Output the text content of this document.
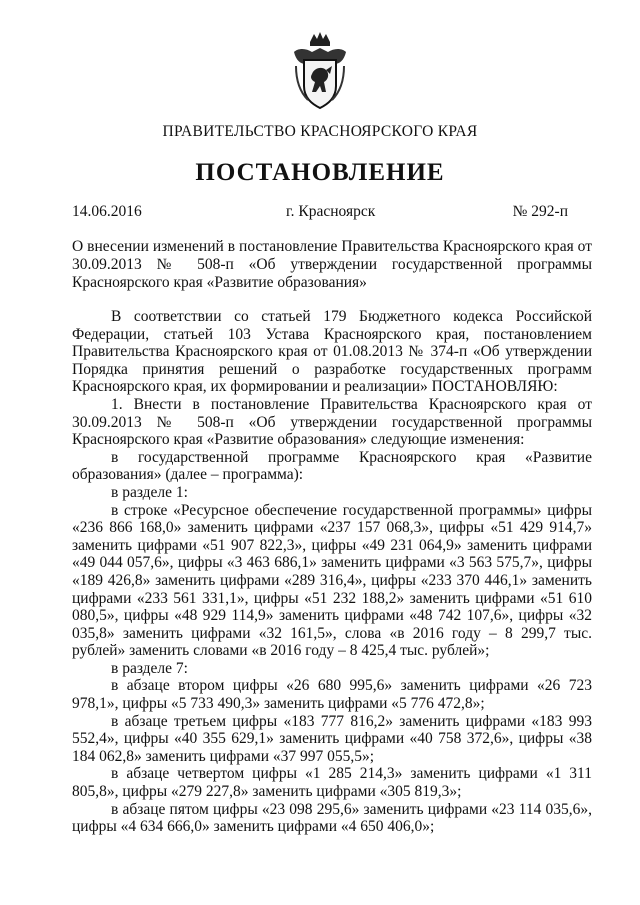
ПРАВИТЕЛЬСТВО КРАСНОЯРСКОГО КРАЯ
ПОСТАНОВЛЕНИЕ
14.06.2016	г. Красноярск	№ 292-п
О внесении изменений в постановление Правительства Красноярского края от 30.09.2013 № 508-п «Об утверждении государственной программы Красноярского края «Развитие образования»

В соответствии со статьей 179 Бюджетного кодекса Российской Федерации, статьей 103 Устава Красноярского края, постановлением Правительства Красноярского края от 01.08.2013 № 374-п «Об утверждении Порядка принятия решений о разработке государственных программ Красноярского края, их формировании и реализации» ПОСТАНОВЛЯЮ:

1. Внести в постановление Правительства Красноярского края от 30.09.2013 № 508-п «Об утверждении государственной программы Красноярского края «Развитие образования» следующие изменения:

в государственной программе Красноярского края «Развитие образования» (далее – программа):

в разделе 1:

в строке «Ресурсное обеспечение государственной программы» цифры «236 866 168,0» заменить цифрами «237 157 068,3», цифры «51 429 914,7» заменить цифрами «51 907 822,3», цифры «49 231 064,9» заменить цифрами «49 044 057,6», цифры «3 463 686,1» заменить цифрами «3 563 575,7», цифры «189 426,8» заменить цифрами «289 316,4», цифры «233 370 446,1» заменить цифрами «233 561 331,1», цифры «51 232 188,2» заменить цифрами «51 610 080,5», цифры «48 929 114,9» заменить цифрами «48 742 107,6», цифры «32 035,8» заменить цифрами «32 161,5», слова «в 2016 году – 8 299,7 тыс. рублей» заменить словами «в 2016 году – 8 425,4 тыс. рублей»;

в разделе 7:

в абзаце втором цифры «26 680 995,6» заменить цифрами «26 723 978,1», цифры «5 733 490,3» заменить цифрами «5 776 472,8»;

в абзаце третьем цифры «183 777 816,2» заменить цифрами «183 993 552,4», цифры «40 355 629,1» заменить цифрами «40 758 372,6», цифры «38 184 062,8» заменить цифрами «37 997 055,5»;

в абзаце четвертом цифры «1 285 214,3» заменить цифрами «1 311 805,8», цифры «279 227,8» заменить цифрами «305 819,3»;

в абзаце пятом цифры «23 098 295,6» заменить цифрами «23 114 035,6», цифры «4 634 666,0» заменить цифрами «4 650 406,0»;
